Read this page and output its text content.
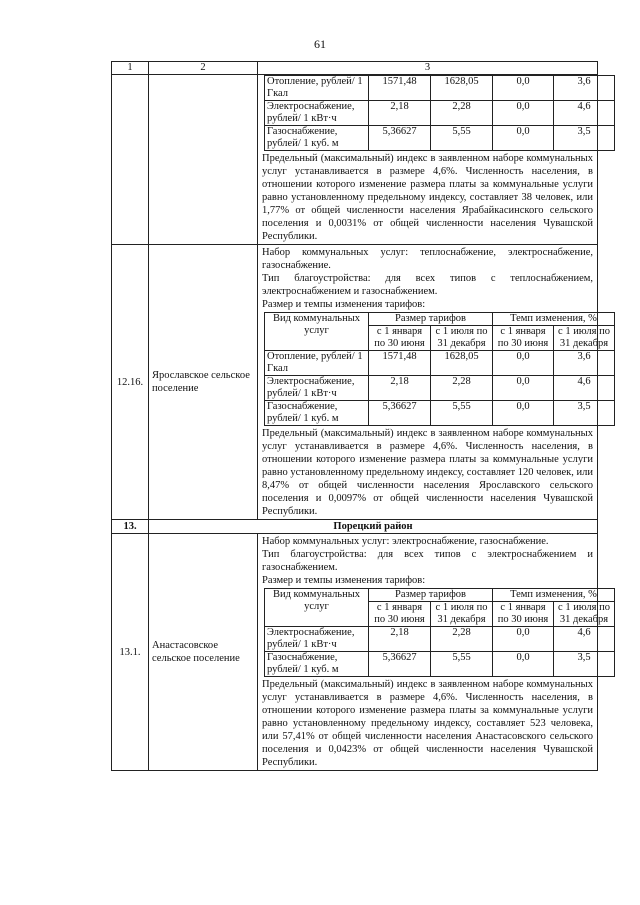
61
1	2	3

Отопление, рублей/ 1 Гкал	1571,48	1628,05	0,0	3,6
Электроснабжение, рублей/ 1 кВт·ч	2,18	2,28	0,0	4,6
Газоснабжение, рублей/ 1 куб. м	5,36627	5,55	0,0	3,5

Предельный (максимальный) индекс в заявленном наборе коммунальных услуг устанавливается в размере 4,6%. Численность населения, в отношении которого изменение размера платы за коммунальные услуги равно установленному предельному индексу, составляет 38 человек, или 1,77% от общей численности населения Ярабайкасинского сельского поселения и 0,0031% от общей численности населения Чувашской Республики.

12.16.	Ярославское сельское поселение	

Набор коммунальных услуг: теплоснабжение, электроснабжение, газоснабжение.

Тип благоустройства: для всех типов с теплоснабжением, электроснабжением и газоснабжением.

Размер и темпы изменения тарифов:

Вид коммунальных услуг	Размер тарифов	Темп изменения, %
с 1 января по 30 июня	с 1 июля по 31 декабря	с 1 января по 30 июня	с 1 июля по 31 декабря
Отопление, рублей/ 1 Гкал	1571,48	1628,05	0,0	3,6
Электроснабжение, рублей/ 1 кВт·ч	2,18	2,28	0,0	4,6
Газоснабжение, рублей/ 1 куб. м	5,36627	5,55	0,0	3,5

Предельный (максимальный) индекс в заявленном наборе коммунальных услуг устанавливается в размере 4,6%. Численность населения, в отношении которого изменение размера платы за коммунальные услуги равно установленному предельному индексу, составляет 120 человек, или 8,47% от общей численности населения Ярославского сельского поселения и 0,0097% от общей численности населения Чувашской Республики.

13.	Порецкий район
13.1.	Анастасовское сельское поселение	

Набор коммунальных услуг: электроснабжение, газоснабжение.

Тип благоустройства: для всех типов с электроснабжением и газоснабжением.

Размер и темпы изменения тарифов:

Вид коммунальных услуг	Размер тарифов	Темп изменения, %
с 1 января по 30 июня	с 1 июля по 31 декабря	с 1 января по 30 июня	с 1 июля по 31 декабря
Электроснабжение, рублей/ 1 кВт·ч	2,18	2,28	0,0	4,6
Газоснабжение, рублей/ 1 куб. м	5,36627	5,55	0,0	3,5

Предельный (максимальный) индекс в заявленном наборе коммунальных услуг устанавливается в размере 4,6%. Численность населения, в отношении которого изменение размера платы за коммунальные услуги равно установленному предельному индексу, составляет 523 человека, или 57,41% от общей численности населения Анастасовского сельского поселения и 0,0423% от общей численности населения Чувашской Республики.
